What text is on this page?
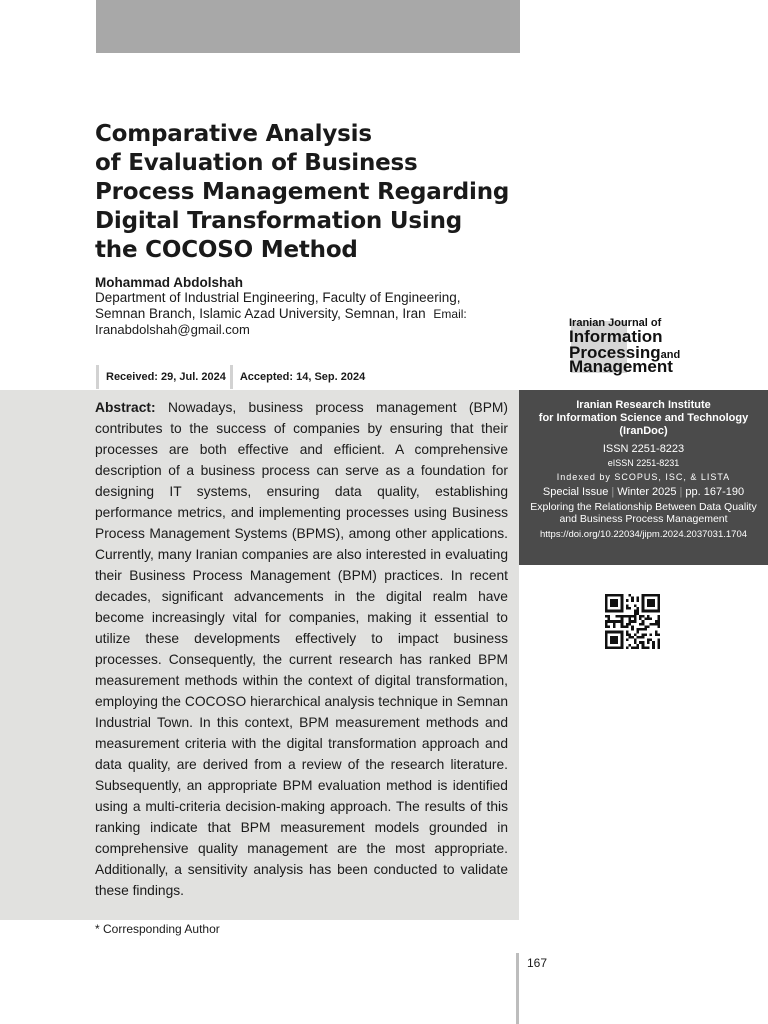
Comparative Analysis
of Evaluation of Business
Process Management Regarding
Digital Transformation Using
the COCOSO Method
Mohammad Abdolshah
Department of Industrial Engineering, Faculty of Engineering,
Semnan Branch, Islamic Azad University, Semnan, Iran Email:
Iranabdolshah@gmail.com
Received: 29, Jul. 2024	Accepted: 14, Sep. 2024
Iranian Journal of
Information
Processingand
Management

Abstract: Nowadays, business process management (BPM) contributes to the success of companies by ensuring that their processes are both effective and efficient. A comprehensive description of a business process can serve as a foundation for designing IT systems, ensuring data quality, establishing performance metrics, and implementing processes using Business Process Management Systems (BPMS), among other applications. Currently, many Iranian companies are also interested in evaluating their Business Process Management (BPM) practices. In recent decades, significant advancements in the digital realm have become increasingly vital for companies, making it essential to utilize these developments effectively to impact business processes. Consequently, the current research has ranked BPM measurement methods within the context of digital transformation, employing the COCOSO hierarchical analysis technique in Semnan Industrial Town. In this context, BPM measurement methods and measurement criteria with the digital transformation approach and data quality, are derived from a review of the research literature. Subsequently, an appropriate BPM evaluation method is identified using a multi-criteria decision-making approach. The results of this ranking indicate that BPM measurement models grounded in comprehensive quality management are the most appropriate. Additionally, a sensitivity analysis has been conducted to validate these findings.

Iranian Research Institute
for Information Science and Technology
(IranDoc)
ISSN 2251-8223
eISSN 2251-8231
Indexed by SCOPUS, ISC, & LISTA
Special Issue | Winter 2025 | pp. 167-190
Exploring the Relationship Between Data Quality and Business Process Management
https://doi.org/10.22034/jipm.2024.2037031.1704
* Corresponding Author
167
